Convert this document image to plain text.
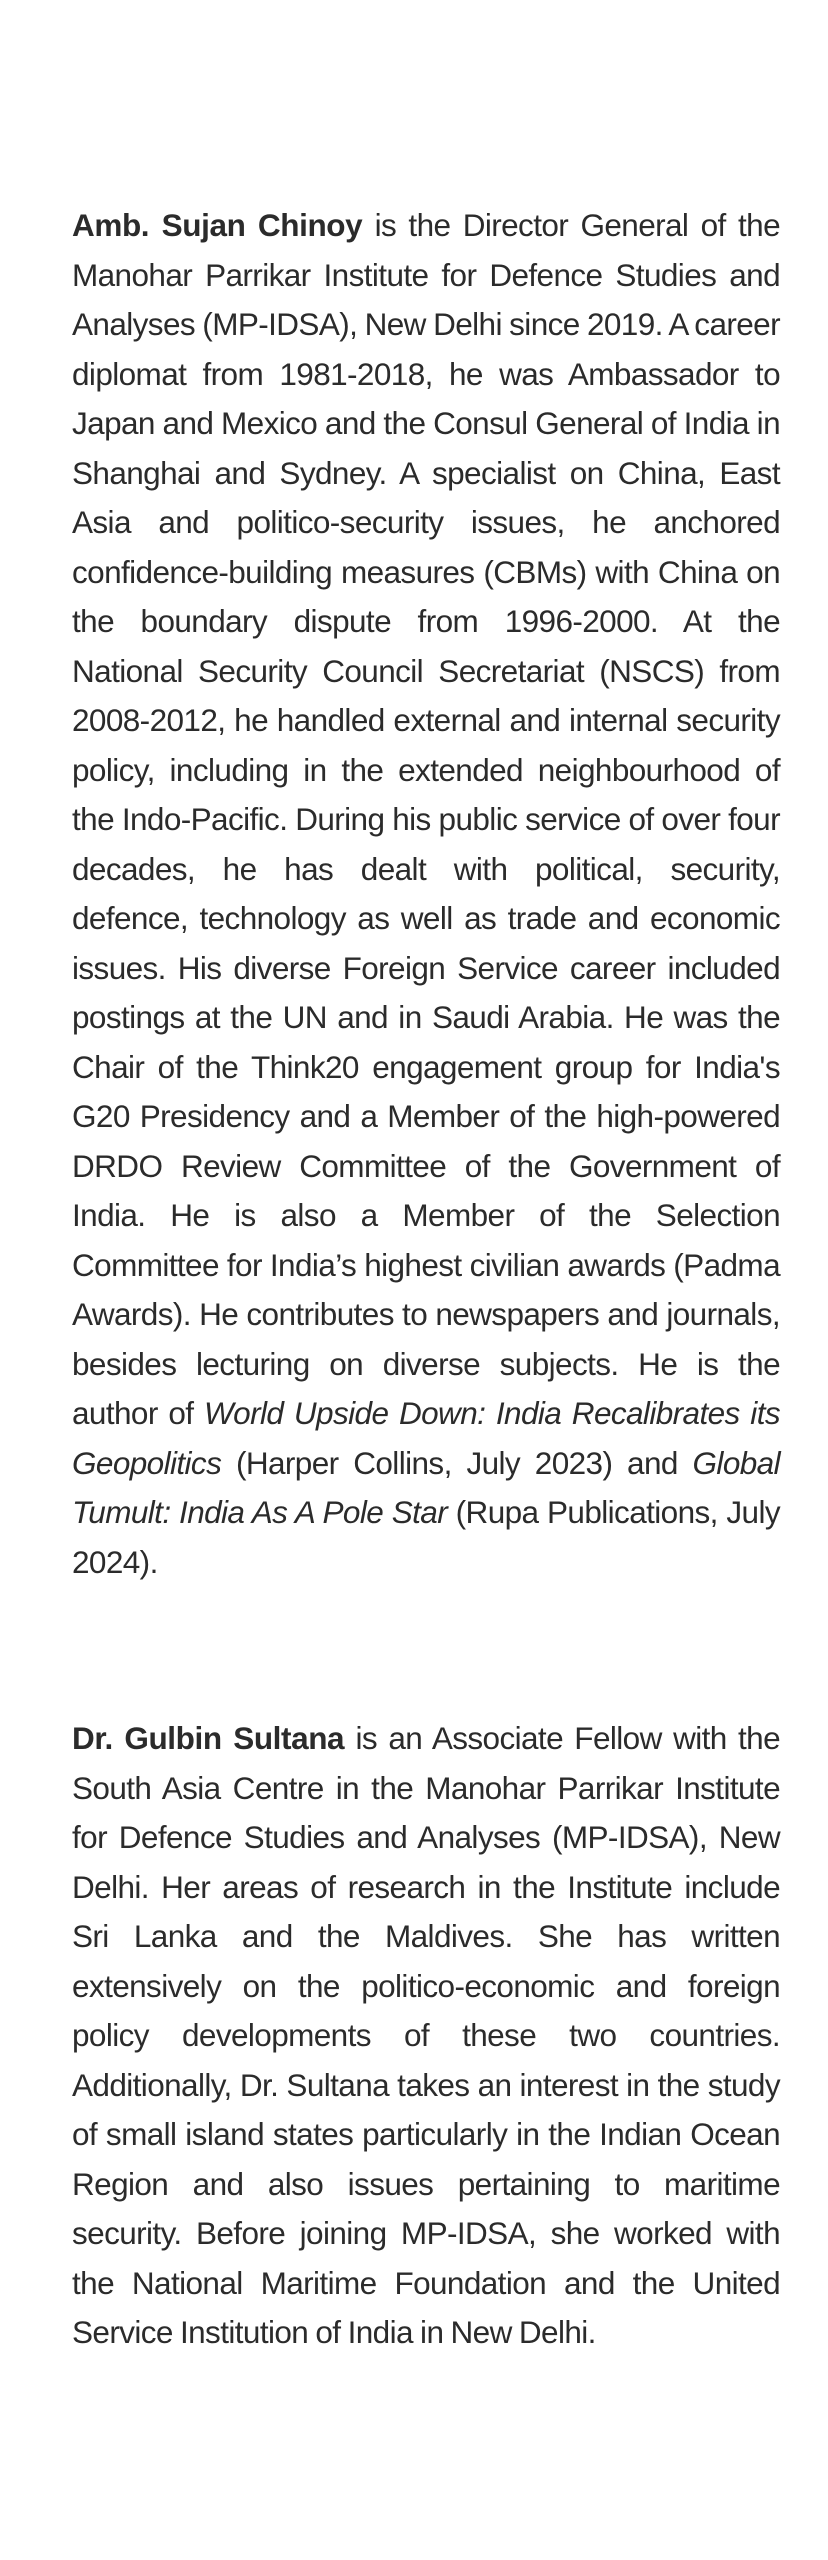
Amb. Sujan Chinoy is the Director General of the Manohar Parrikar Institute for Defence Studies and Analyses (MP-IDSA), New Delhi since 2019. A career diplomat from 1981-2018, he was Ambassador to Japan and Mexico and the Consul General of India in Shanghai and Sydney. A specialist on China, East Asia and politico-security issues, he anchored confidence-building measures (CBMs) with China on the boundary dispute from 1996-2000. At the National Security Council Secretariat (NSCS) from 2008-2012, he handled external and internal security policy, including in the extended neighbourhood of the Indo-Pacific. During his public service of over four decades, he has dealt with political, security, defence, technology as well as trade and economic issues. His diverse Foreign Service career included postings at the UN and in Saudi Arabia. He was the Chair of the Think20 engagement group for India's G20 Presidency and a Member of the high-powered DRDO Review Committee of the Government of India. He is also a Member of the Selection Committee for India’s highest civilian awards (Padma Awards). He contributes to newspapers and journals, besides lecturing on diverse subjects. He is the author of World Upside Down: India Recalibrates its Geopolitics (Harper Collins, July 2023) and Global Tumult: India As A Pole Star (Rupa Publications, July 2024).

Dr. Gulbin Sultana is an Associate Fellow with the South Asia Centre in the Manohar Parrikar Institute for Defence Studies and Analyses (MP-IDSA), New Delhi. Her areas of research in the Institute include Sri Lanka and the Maldives. She has written extensively on the politico-economic and foreign policy developments of these two countries. Additionally, Dr. Sultana takes an interest in the study of small island states particularly in the Indian Ocean Region and also issues pertaining to maritime security. Before joining MP-IDSA, she worked with the National Maritime Foundation and the United Service Institution of India in New Delhi.
